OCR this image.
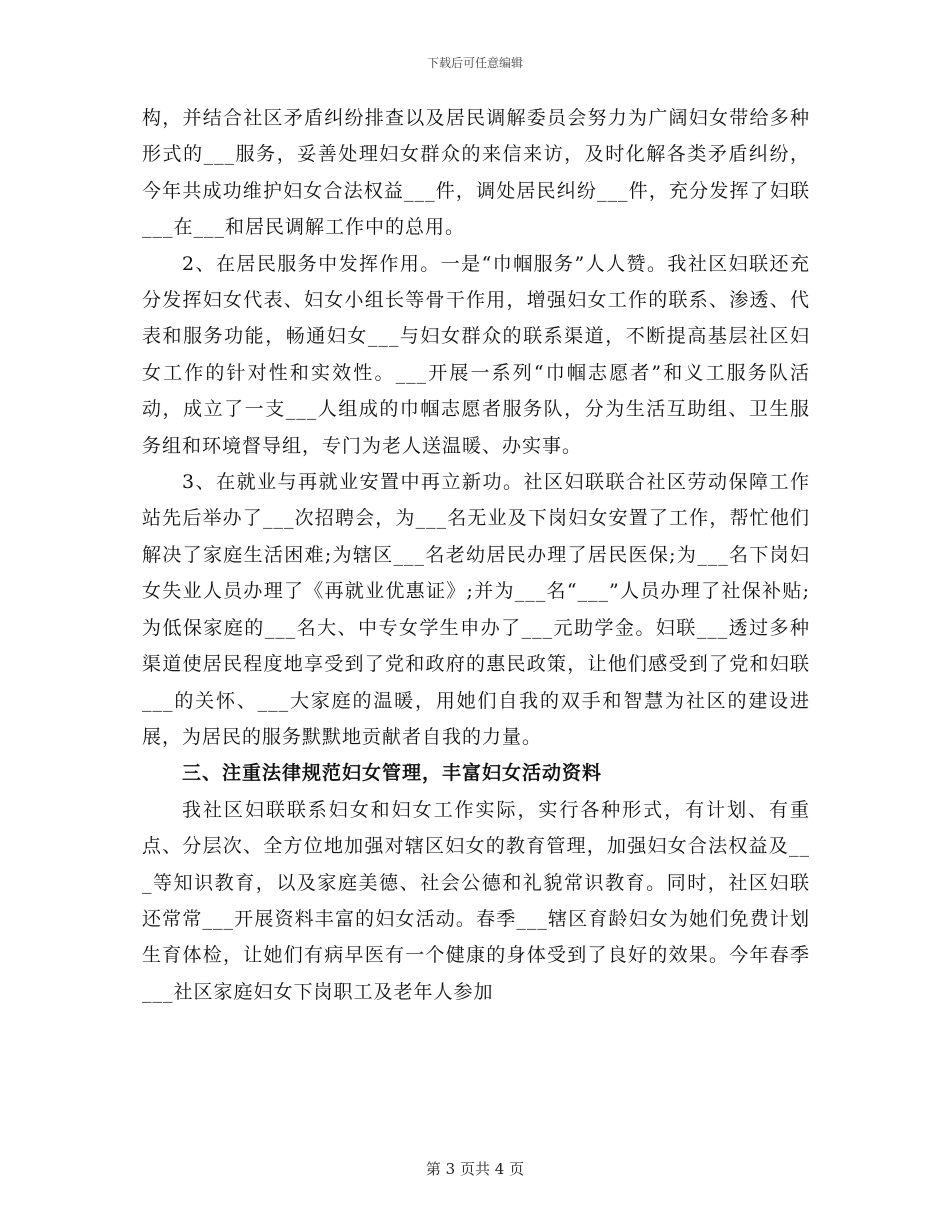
下载后可任意编辑

构，并结合社区矛盾纠纷排查以及居民调解委员会努力为广阔妇女带给多种形式的___服务，妥善处理妇女群众的来信来访，及时化解各类矛盾纠纷，今年共成功维护妇女合法权益___件，调处居民纠纷___件，充分发挥了妇联___在___和居民调解工作中的总用。

2、在居民服务中发挥作用。一是“巾帼服务”人人赞。我社区妇联还充分发挥妇女代表、妇女小组长等骨干作用，增强妇女工作的联系、渗透、代表和服务功能，畅通妇女___与妇女群众的联系渠道，不断提高基层社区妇女工作的针对性和实效性。___开展一系列“巾帼志愿者”和义工服务队活动，成立了一支___人组成的巾帼志愿者服务队，分为生活互助组、卫生服务组和环境督导组，专门为老人送温暖、办实事。

3、在就业与再就业安置中再立新功。社区妇联联合社区劳动保障工作站先后举办了___次招聘会，为___名无业及下岗妇女安置了工作，帮忙他们解决了家庭生活困难;为辖区___名老幼居民办理了居民医保;为___名下岗妇女失业人员办理了《再就业优惠证》;并为___名“___”人员办理了社保补贴;为低保家庭的___名大、中专女学生申办了___元助学金。妇联___透过多种渠道使居民程度地享受到了党和政府的惠民政策，让他们感受到了党和妇联___的关怀、___大家庭的温暖，用她们自我的双手和智慧为社区的建设进展，为居民的服务默默地贡献者自我的力量。

三、注重法律规范妇女管理，丰富妇女活动资料

我社区妇联联系妇女和妇女工作实际，实行各种形式，有计划、有重点、分层次、全方位地加强对辖区妇女的教育管理，加强妇女合法权益及___等知识教育，以及家庭美德、社会公德和礼貌常识教育。同时，社区妇联还常常___开展资料丰富的妇女活动。春季___辖区育龄妇女为她们免费计划生育体检，让她们有病早医有一个健康的身体受到了良好的效果。今年春季___社区家庭妇女下岗职工及老年人参加

第 3 页共 4 页
